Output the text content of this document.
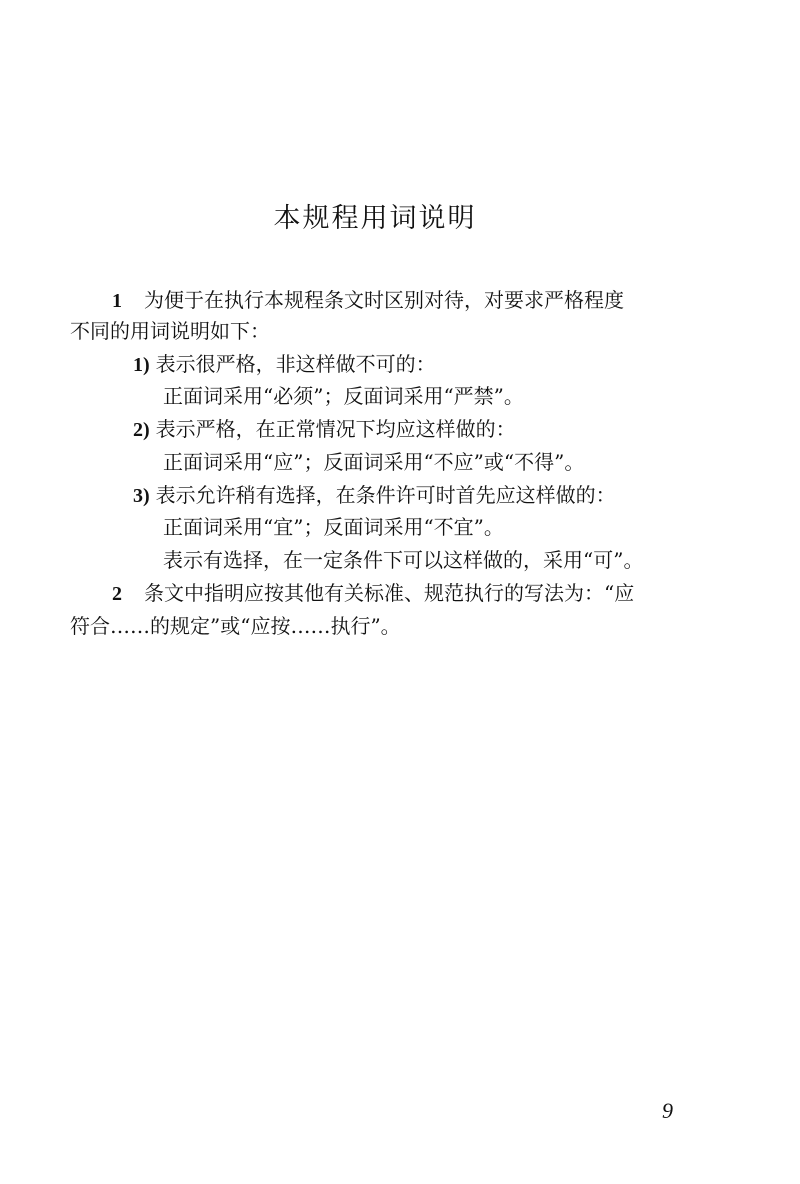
本规程用词说明
1 为便于在执行本规程条文时区别对待，对要求严格程度
不同的用词说明如下：
1) 表示很严格，非这样做不可的：
正面词采用“必须”；反面词采用“严禁”。
2) 表示严格，在正常情况下均应这样做的：
正面词采用“应”；反面词采用“不应”或“不得”。
3) 表示允许稍有选择，在条件许可时首先应这样做的：
正面词采用“宜”；反面词采用“不宜”。
表示有选择，在一定条件下可以这样做的，采用“可”。
2 条文中指明应按其他有关标准、规范执行的写法为：“应
符合……的规定”或“应按……执行”。
9
